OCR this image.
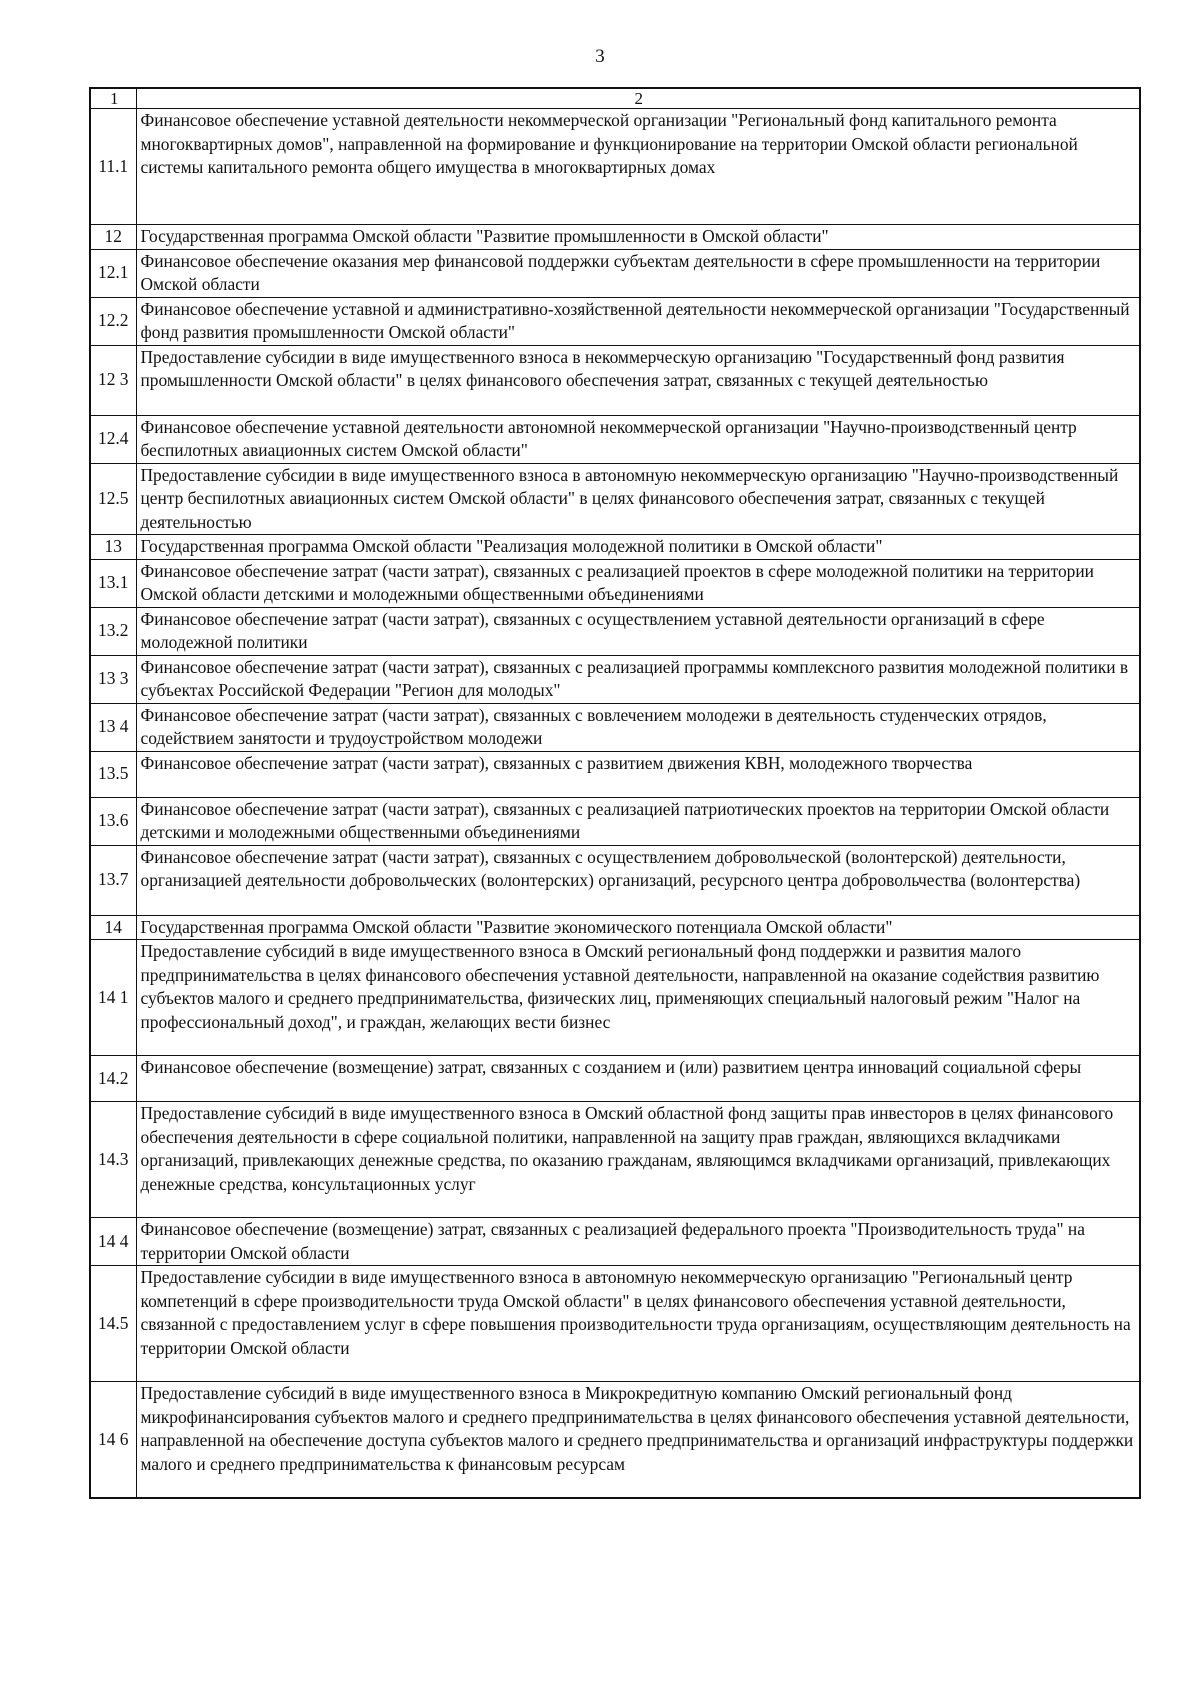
3
1	2
11.1	Финансовое обеспечение уставной деятельности некоммерческой организации "Региональный фонд капитального ремонта многоквартирных домов", направленной на формирование и функционирование на территории Омской области региональной системы капитального ремонта общего имущества в многоквартирных домах
12	Государственная программа Омской области "Развитие промышленности в Омской области"
12.1	Финансовое обеспечение оказания мер финансовой поддержки субъектам деятельности в сфере промышленности на территории Омской области
12.2	Финансовое обеспечение уставной и административно-хозяйственной деятельности некоммерческой организации "Государственный фонд развития промышленности Омской области"
12 3	Предоставление субсидии в виде имущественного взноса в некоммерческую организацию "Государственный фонд развития промышленности Омской области" в целях финансового обеспечения затрат, связанных с текущей деятельностью
12.4	Финансовое обеспечение уставной деятельности автономной некоммерческой организации "Научно-производственный центр беспилотных авиационных систем Омской области"
12.5	Предоставление субсидии в виде имущественного взноса в автономную некоммерческую организацию "Научно-производственный центр беспилотных авиационных систем Омской области" в целях финансового обеспечения затрат, связанных с текущей деятельностью
13	Государственная программа Омской области "Реализация молодежной политики в Омской области"
13.1	Финансовое обеспечение затрат (части затрат), связанных с реализацией проектов в сфере молодежной политики на территории Омской области детскими и молодежными общественными объединениями
13.2	Финансовое обеспечение затрат (части затрат), связанных с осуществлением уставной деятельности организаций в сфере молодежной политики
13 3	Финансовое обеспечение затрат (части затрат), связанных с реализацией программы комплексного развития молодежной политики в субъектах Российской Федерации "Регион для молодых"
13 4	Финансовое обеспечение затрат (части затрат), связанных с вовлечением молодежи в деятельность студенческих отрядов, содействием занятости и трудоустройством молодежи
13.5	Финансовое обеспечение затрат (части затрат), связанных с развитием движения КВН, молодежного творчества
13.6	Финансовое обеспечение затрат (части затрат), связанных с реализацией патриотических проектов на территории Омской области детскими и молодежными общественными объединениями
13.7	Финансовое обеспечение затрат (части затрат), связанных с осуществлением добровольческой (волонтерской) деятельности, организацией деятельности добровольческих (волонтерских) организаций, ресурсного центра добровольчества (волонтерства)
14	Государственная программа Омской области "Развитие экономического потенциала Омской области"
14 1	Предоставление субсидий в виде имущественного взноса в Омский региональный фонд поддержки и развития малого предпринимательства в целях финансового обеспечения уставной деятельности, направленной на оказание содействия развитию субъектов малого и среднего предпринимательства, физических лиц, применяющих специальный налоговый режим "Налог на профессиональный доход", и граждан, желающих вести бизнес
14.2	Финансовое обеспечение (возмещение) затрат, связанных с созданием и (или) развитием центра инноваций социальной сферы
14.3	Предоставление субсидий в виде имущественного взноса в Омский областной фонд защиты прав инвесторов в целях финансового обеспечения деятельности в сфере социальной политики, направленной на защиту прав граждан, являющихся вкладчиками организаций, привлекающих денежные средства, по оказанию гражданам, являющимся вкладчиками организаций, привлекающих денежные средства, консультационных услуг
14 4	Финансовое обеспечение (возмещение) затрат, связанных с реализацией федерального проекта "Производительность труда" на территории Омской области
14.5	Предоставление субсидии в виде имущественного взноса в автономную некоммерческую организацию "Региональный центр компетенций в сфере производительности труда Омской области" в целях финансового обеспечения уставной деятельности, связанной с предоставлением услуг в сфере повышения производительности труда организациям, осуществляющим деятельность на территории Омской области
14 6	Предоставление субсидий в виде имущественного взноса в Микрокредитную компанию Омский региональный фонд микрофинансирования субъектов малого и среднего предпринимательства в целях финансового обеспечения уставной деятельности, направленной на обеспечение доступа субъектов малого и среднего предпринимательства и организаций инфраструктуры поддержки малого и среднего предпринимательства к финансовым ресурсам
